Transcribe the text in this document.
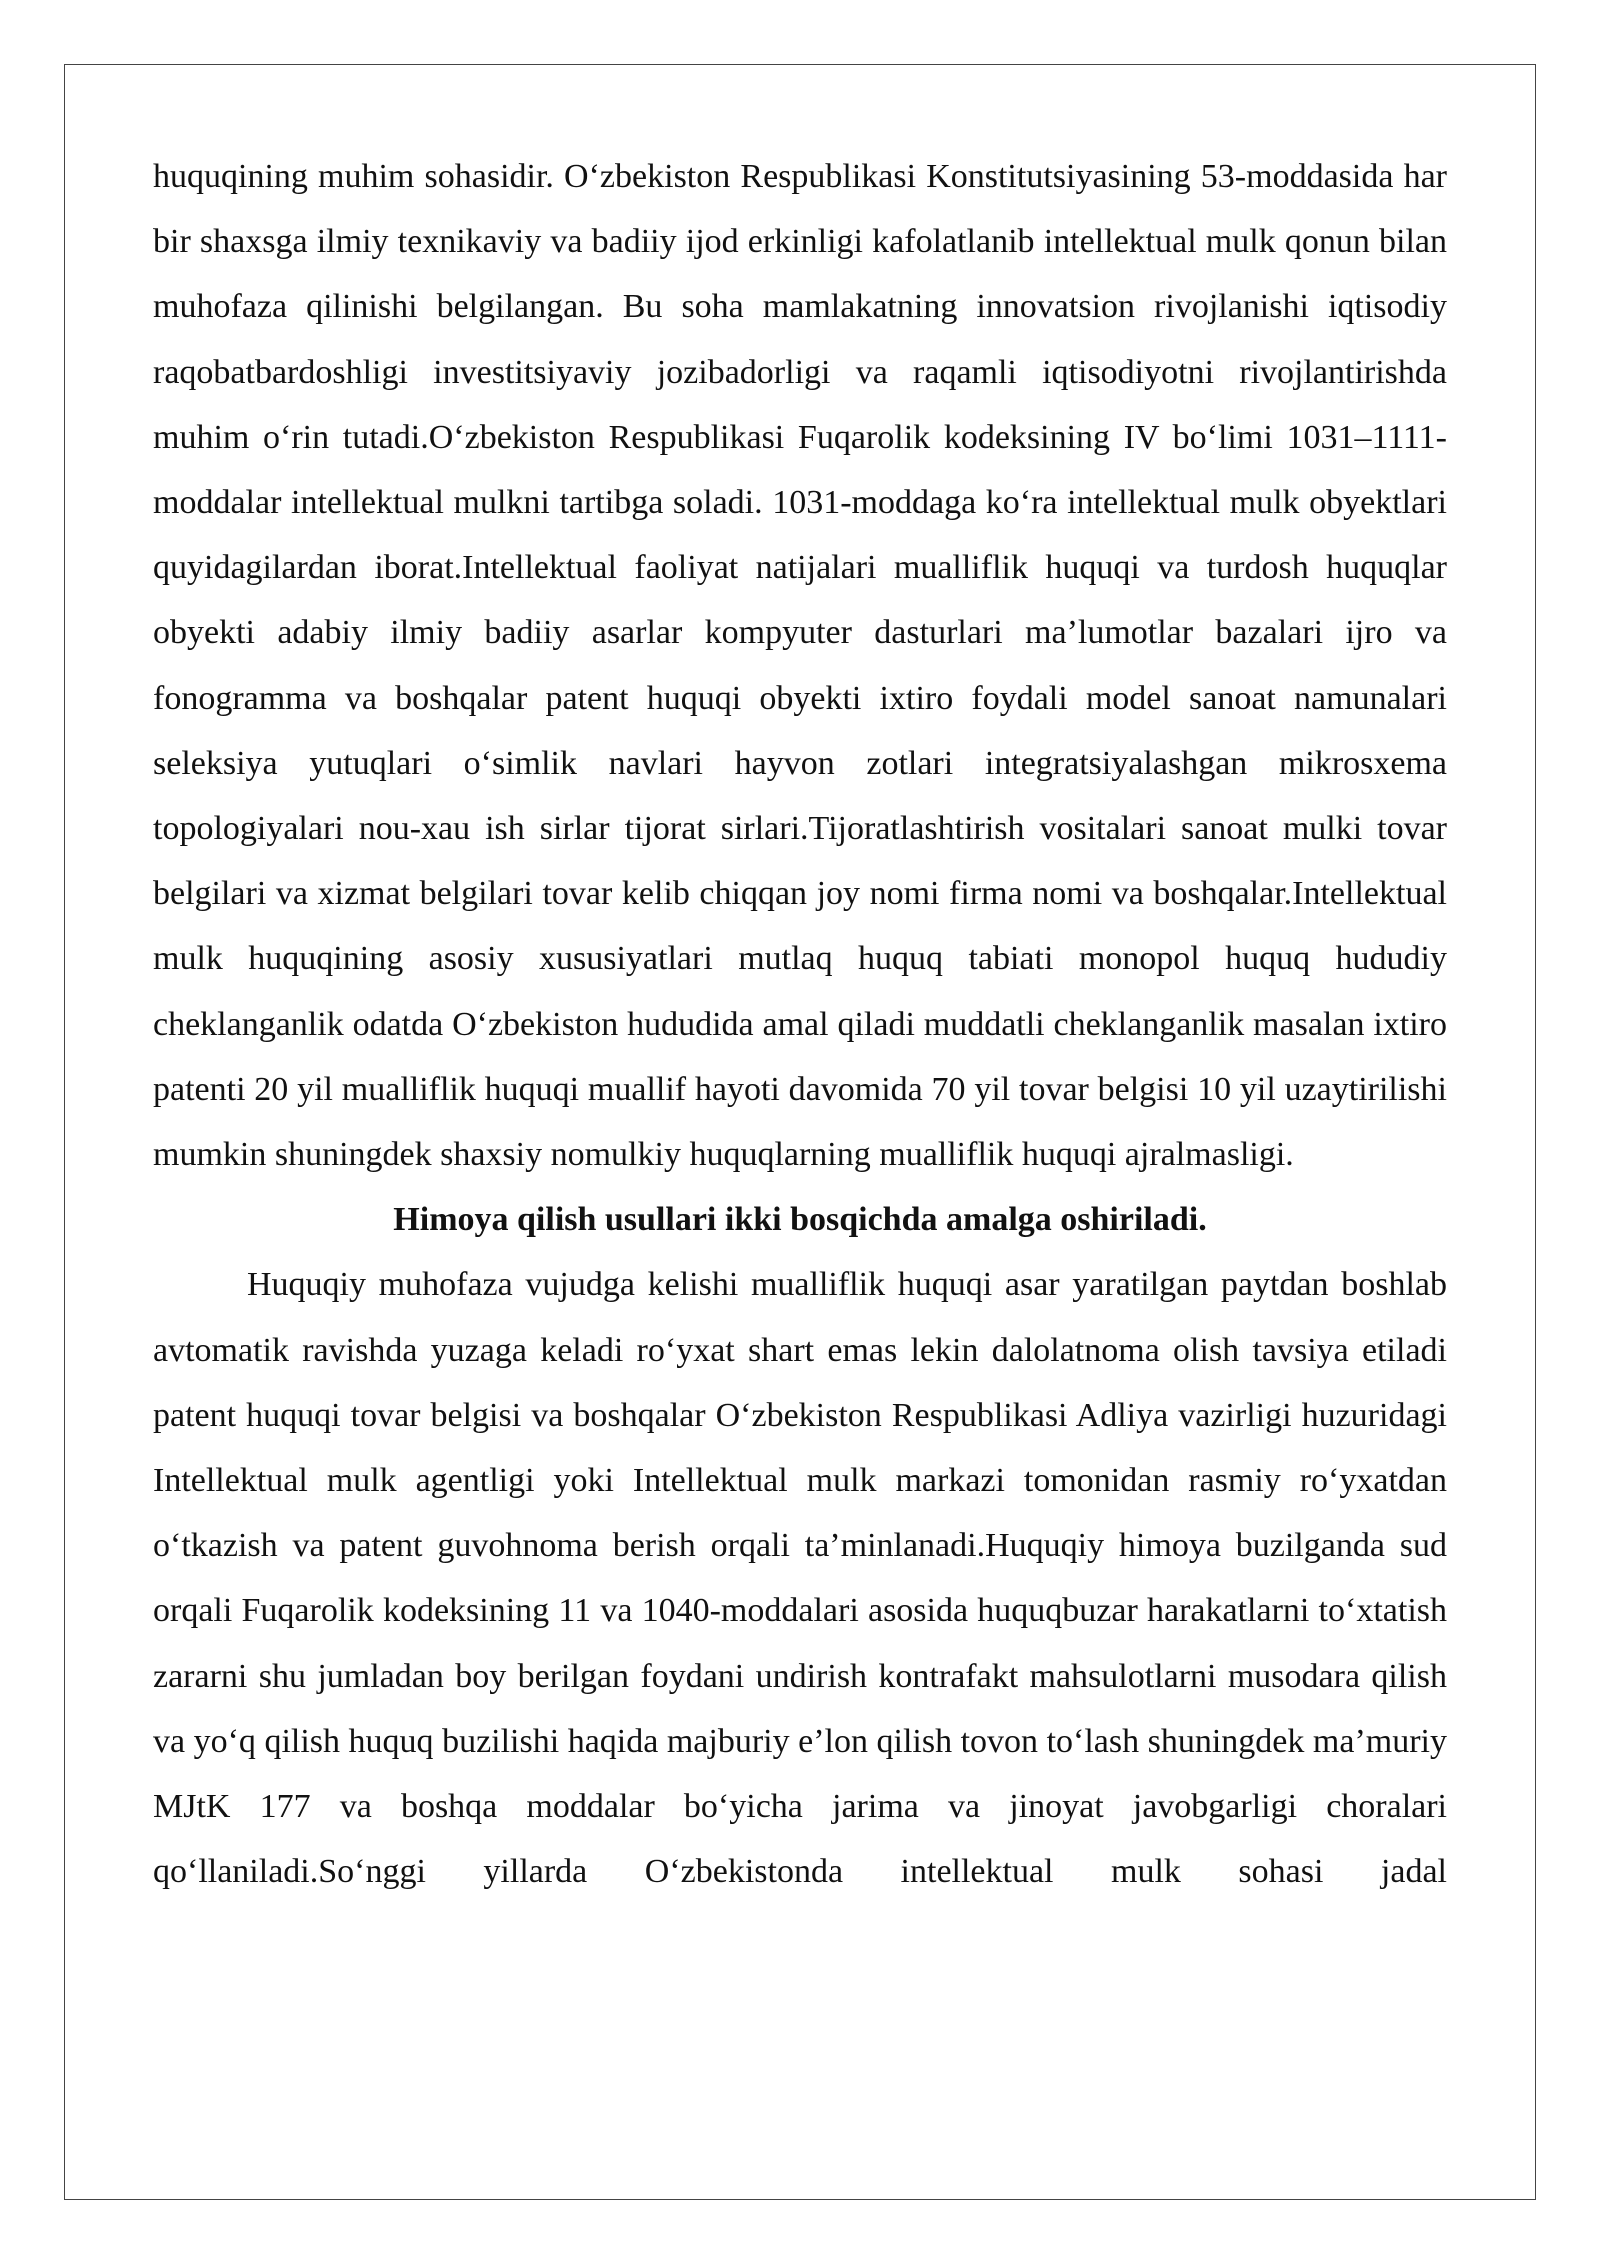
huquqining muhim sohasidir. O‘zbekiston Respublikasi Konstitutsiyasining 53-moddasida har bir shaxsga ilmiy texnikaviy va badiiy ijod erkinligi kafolatlanib intellektual mulk qonun bilan muhofaza qilinishi belgilangan. Bu soha mamlakatning innovatsion rivojlanishi iqtisodiy raqobatbardoshligi investitsiyaviy jozibadorligi va raqamli iqtisodiyotni rivojlantirishda muhim o‘rin tutadi.O‘zbekiston Respublikasi Fuqarolik kodeksining IV bo‘limi 1031–1111-moddalar intellektual mulkni tartibga soladi. 1031-moddaga ko‘ra intellektual mulk obyektlari quyidagilardan iborat.Intellektual faoliyat natijalari mualliflik huquqi va turdosh huquqlar obyekti adabiy ilmiy badiiy asarlar kompyuter dasturlari ma’lumotlar bazalari ijro va fonogramma va boshqalar patent huquqi obyekti ixtiro foydali model sanoat namunalari seleksiya yutuqlari o‘simlik navlari hayvon zotlari integratsiyalashgan mikrosxema topologiyalari nou-xau ish sirlar tijorat sirlari.Tijoratlashtirish vositalari sanoat mulki tovar belgilari va xizmat belgilari tovar kelib chiqqan joy nomi firma nomi va boshqalar.Intellektual mulk huquqining asosiy xususiyatlari mutlaq huquq tabiati monopol huquq hududiy cheklanganlik odatda O‘zbekiston hududida amal qiladi muddatli cheklanganlik masalan ixtiro patenti 20 yil mualliflik huquqi muallif hayoti davomida 70 yil tovar belgisi 10 yil uzaytirilishi mumkin shuningdek shaxsiy nomulkiy huquqlarning mualliflik huquqi ajralmasligi.

Himoya qilish usullari ikki bosqichda amalga oshiriladi.

Huquqiy muhofaza vujudga kelishi mualliflik huquqi asar yaratilgan paytdan boshlab avtomatik ravishda yuzaga keladi ro‘yxat shart emas lekin dalolatnoma olish tavsiya etiladi patent huquqi tovar belgisi va boshqalar O‘zbekiston Respublikasi Adliya vazirligi huzuridagi Intellektual mulk agentligi yoki Intellektual mulk markazi tomonidan rasmiy ro‘yxatdan o‘tkazish va patent guvohnoma berish orqali ta’minlanadi.Huquqiy himoya buzilganda sud orqali Fuqarolik kodeksining 11 va 1040-moddalari asosida huquqbuzar harakatlarni to‘xtatish zararni shu jumladan boy berilgan foydani undirish kontrafakt mahsulotlarni musodara qilish va yo‘q qilish huquq buzilishi haqida majburiy e’lon qilish tovon to‘lash shuningdek ma’muriy MJtK 177 va boshqa moddalar bo‘yicha jarima va jinoyat javobgarligi choralari qo‘llaniladi.So‘nggi yillarda O‘zbekistonda intellektual mulk sohasi jadal
